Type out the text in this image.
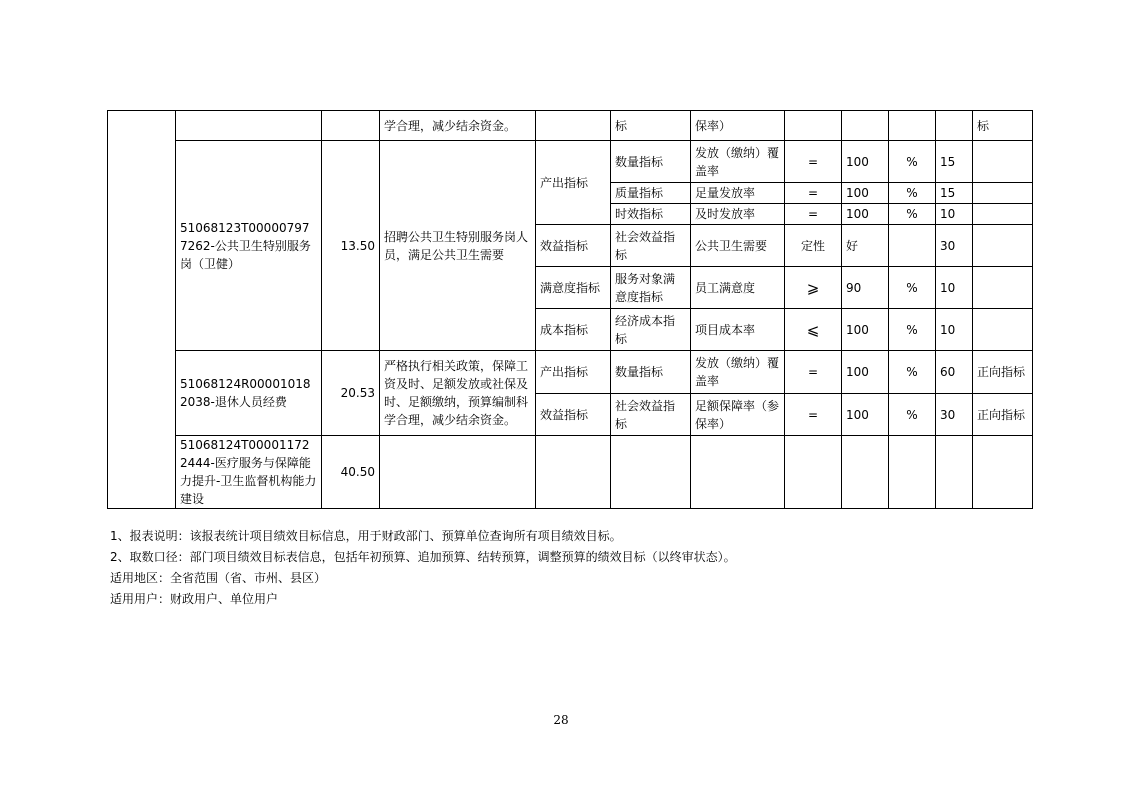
			学合理，减少结余资金。		标	保率）					标
	51068123T000007977262-公共卫生特别服务岗（卫健）	13.50	招聘公共卫生特别服务岗人员，满足公共卫生需要	产出指标	数量指标	发放（缴纳）覆盖率	=	100	%	15	
					质量指标	足量发放率	=	100	%	15	
					时效指标	及时发放率	=	100	%	10	
				效益指标	社会效益指标	公共卫生需要	定性	好		30	
				满意度指标	服务对象满意度指标	员工满意度	⩾	90	%	10	
				成本指标	经济成本指标	项目成本率	⩽	100	%	10	
	51068124R000010182038-退休人员经费	20.53	严格执行相关政策，保障工资及时、足额发放或社保及时、足额缴纳，预算编制科学合理，减少结余资金。	产出指标	数量指标	发放（缴纳）覆盖率	=	100	%	60	正向指标
				效益指标	社会效益指标	足额保障率（参保率）	=	100	%	30	正向指标
	51068124T000011722444-医疗服务与保障能力提升-卫生监督机构能力建设	40.50									
1、报表说明：该报表统计项目绩效目标信息，用于财政部门、预算单位查询所有项目绩效目标。
2、取数口径：部门项目绩效目标表信息，包括年初预算、追加预算、结转预算，调整预算的绩效目标（以终审状态）。
适用地区：全省范围（省、市州、县区）
适用用户：财政用户、单位用户
28
